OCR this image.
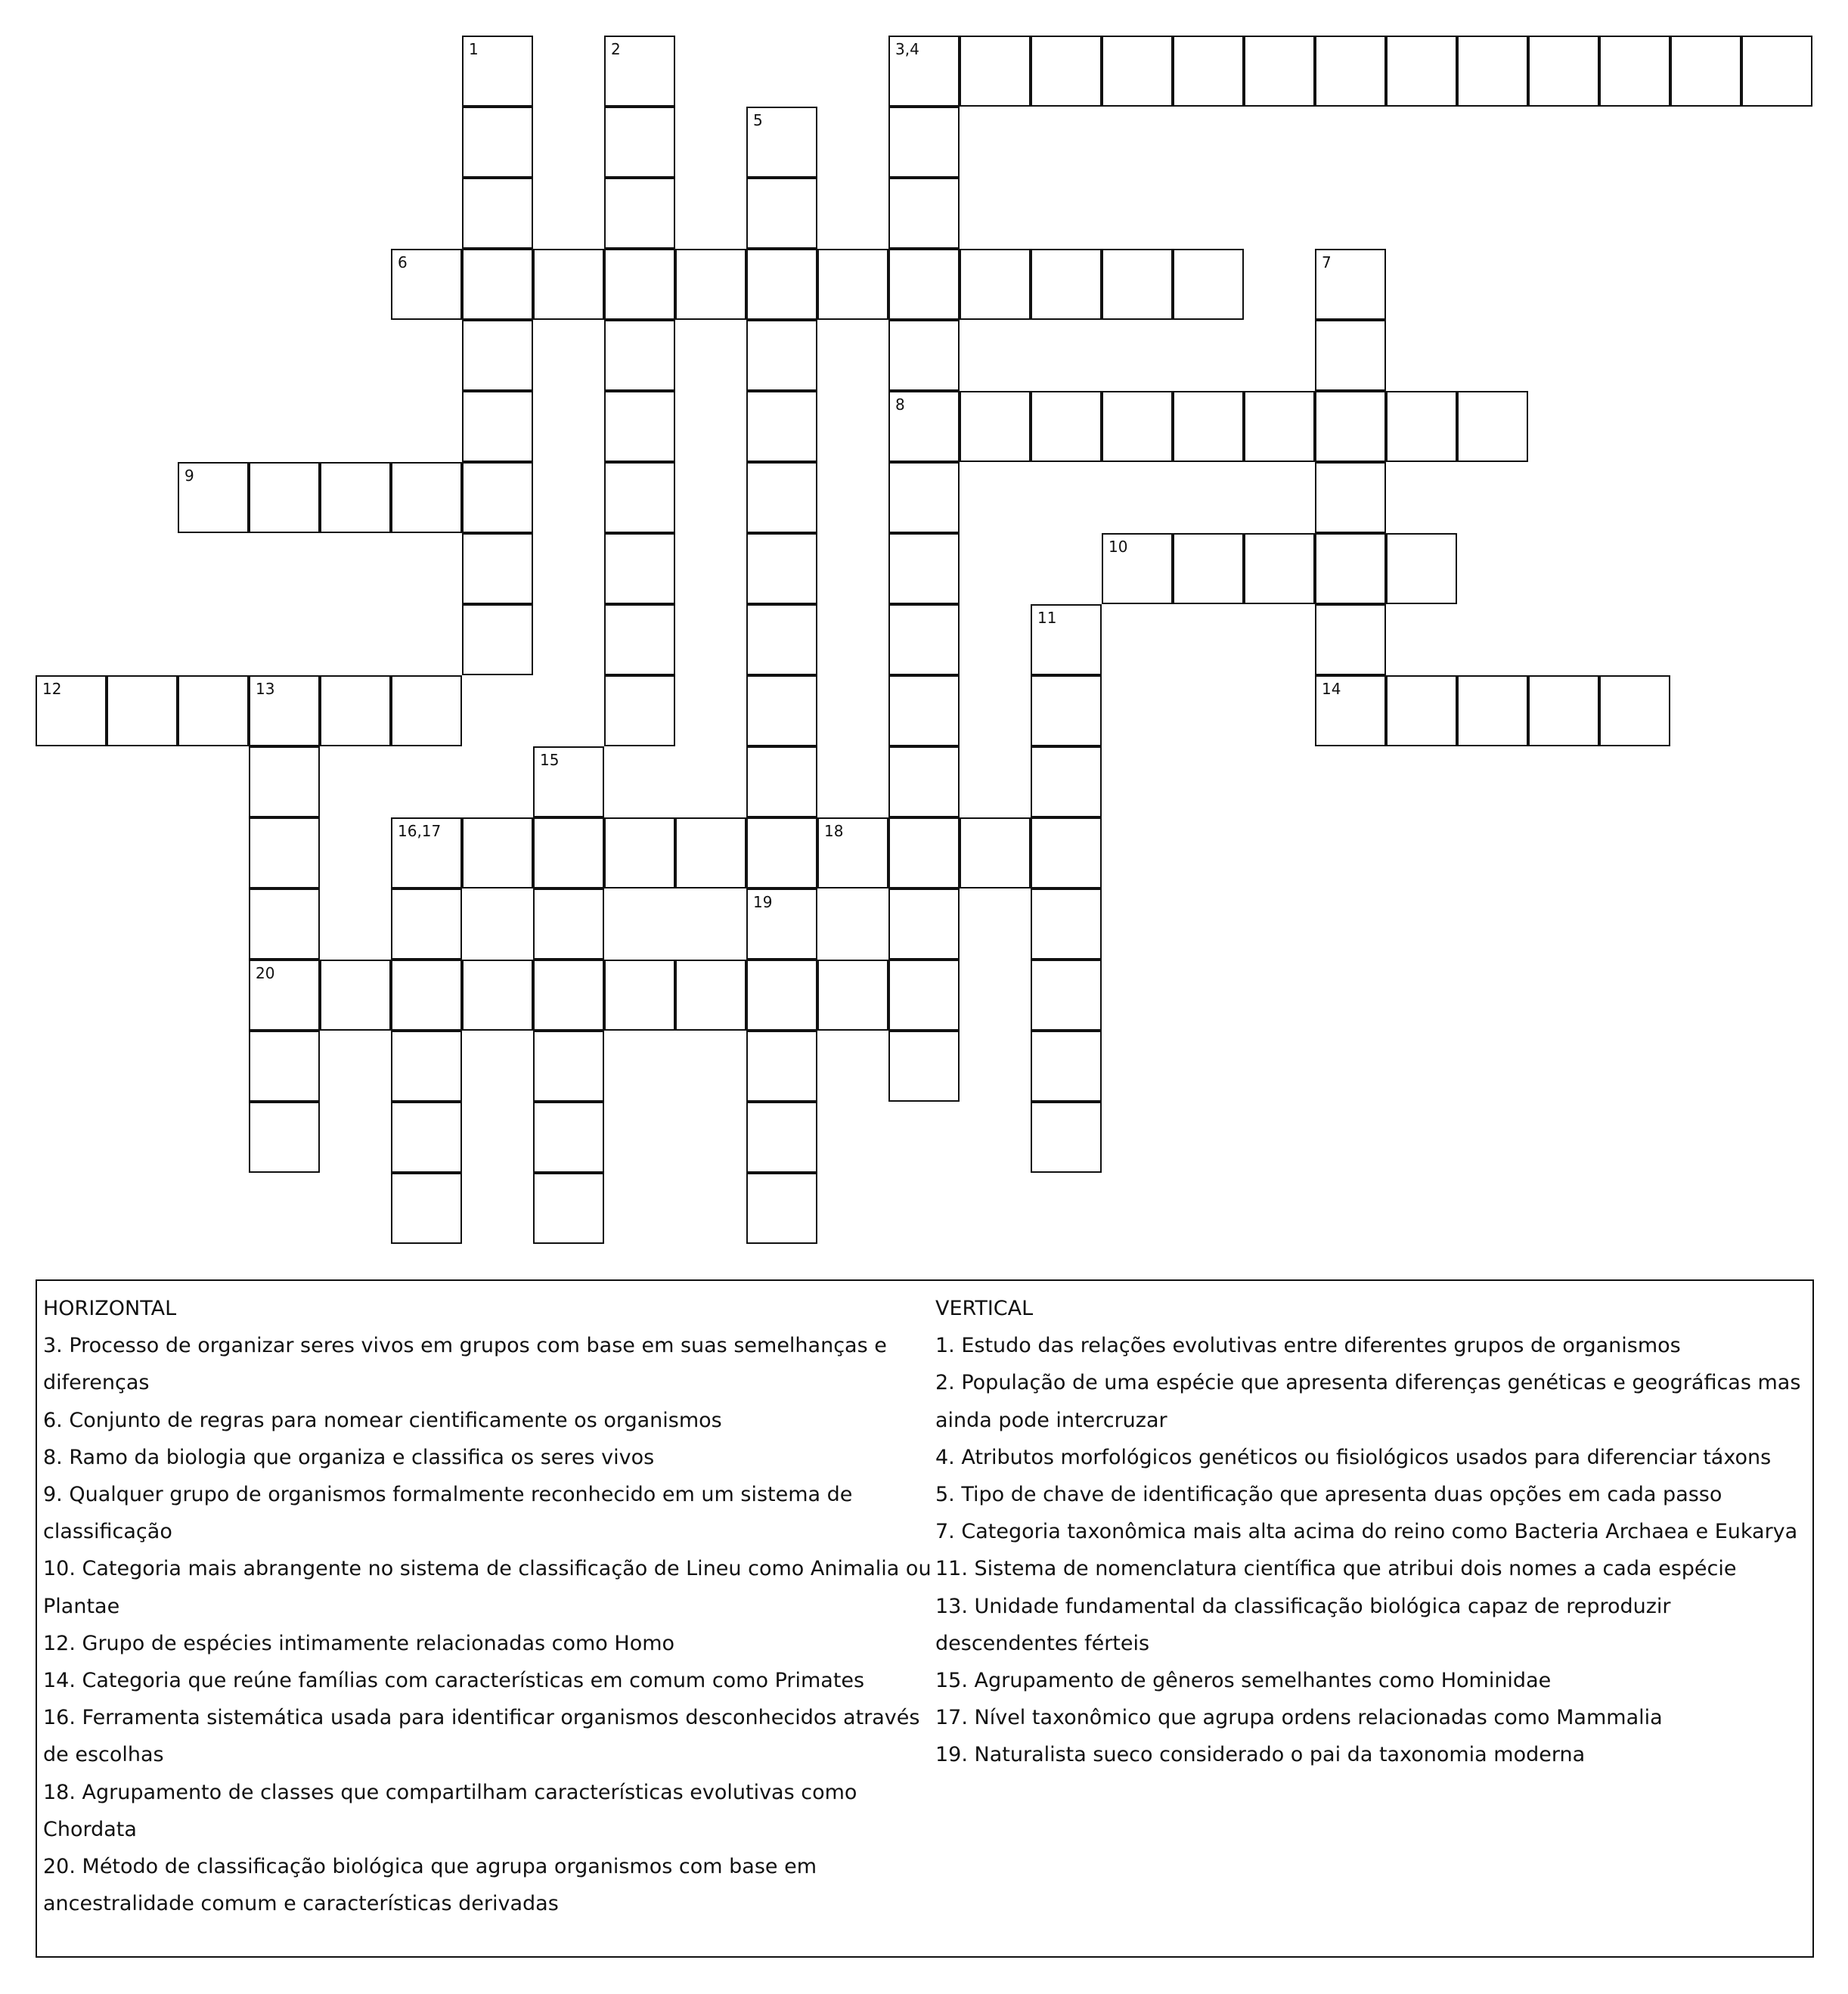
1	2	3,4
5
6	7
8
9
10
11
12	13	14
15
16,17	18
19
20
HORIZONTAL
3. Processo de organizar seres vivos em grupos com base em suas semelhanças e diferenças
6. Conjunto de regras para nomear cientificamente os organismos
8. Ramo da biologia que organiza e classifica os seres vivos
9. Qualquer grupo de organismos formalmente reconhecido em um sistema de classificação
10. Categoria mais abrangente no sistema de classificação de Lineu como Animalia ou Plantae
12. Grupo de espécies intimamente relacionadas como Homo
14. Categoria que reúne famílias com características em comum como Primates
16. Ferramenta sistemática usada para identificar organismos desconhecidos através de escolhas
18. Agrupamento de classes que compartilham características evolutivas como Chordata
20. Método de classificação biológica que agrupa organismos com base em ancestralidade comum e características derivadas
VERTICAL
1. Estudo das relações evolutivas entre diferentes grupos de organismos
2. População de uma espécie que apresenta diferenças genéticas e geográficas mas ainda pode intercruzar
4. Atributos morfológicos genéticos ou fisiológicos usados para diferenciar táxons
5. Tipo de chave de identificação que apresenta duas opções em cada passo
7. Categoria taxonômica mais alta acima do reino como Bacteria Archaea e Eukarya
11. Sistema de nomenclatura científica que atribui dois nomes a cada espécie
13. Unidade fundamental da classificação biológica capaz de reproduzir descendentes férteis
15. Agrupamento de gêneros semelhantes como Hominidae
17. Nível taxonômico que agrupa ordens relacionadas como Mammalia
19. Naturalista sueco considerado o pai da taxonomia moderna
